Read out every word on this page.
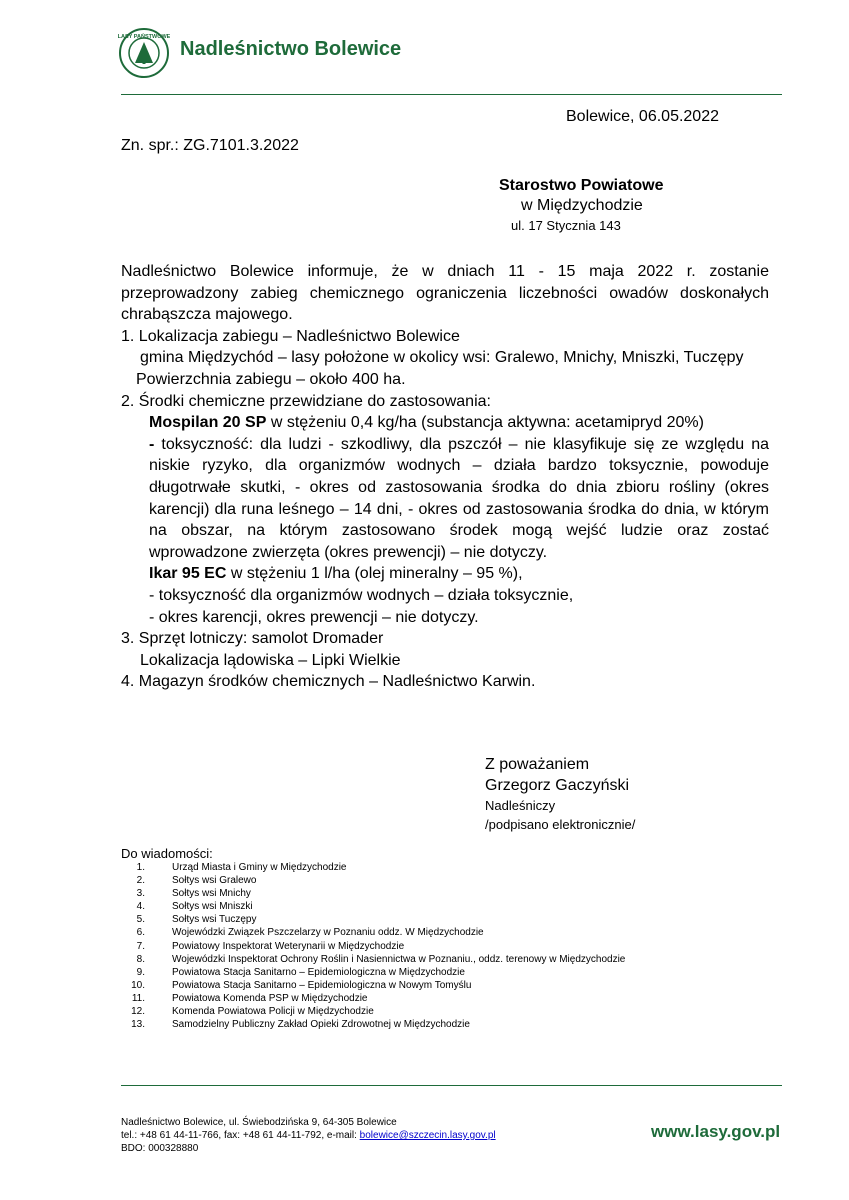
LASY PAŃSTWOWE
Nadleśnictwo Bolewice
Bolewice, 06.05.2022
Zn. spr.: ZG.7101.3.2022
Starostwo Powiatowe
w Międzychodzie
ul. 17 Stycznia 143

Nadleśnictwo Bolewice informuje, że w dniach 11 - 15 maja 2022 r. zostanie przeprowadzony zabieg chemicznego ograniczenia liczebności owadów doskonałych chrabąszcza majowego.

1. Lokalizacja zabiegu – Nadleśnictwo Bolewice

gmina Międzychód – lasy położone w okolicy wsi: Gralewo, Mnichy, Mniszki, Tuczępy

Powierzchnia zabiegu – około 400 ha.

2. Środki chemiczne przewidziane do zastosowania:

Mospilan 20 SP w stężeniu 0,4 kg/ha (substancja aktywna: acetamipryd 20%)

- toksyczność: dla ludzi - szkodliwy, dla pszczół – nie klasyfikuje się ze względu na niskie ryzyko, dla organizmów wodnych – działa bardzo toksycznie, powoduje długotrwałe skutki, - okres od zastosowania środka do dnia zbioru rośliny (okres karencji) dla runa leśnego – 14 dni, - okres od zastosowania środka do dnia, w którym na obszar, na którym zastosowano środek mogą wejść ludzie oraz zostać wprowadzone zwierzęta (okres prewencji) – nie dotyczy.

Ikar 95 EC w stężeniu 1 l/ha (olej mineralny – 95 %),

- toksyczność dla organizmów wodnych – działa toksycznie,

- okres karencji, okres prewencji – nie dotyczy.

3. Sprzęt lotniczy: samolot Dromader

Lokalizacja lądowiska – Lipki Wielkie

4. Magazyn środków chemicznych – Nadleśnictwo Karwin.

Z poważaniem
Grzegorz Gaczyński
Nadleśniczy
/podpisano elektronicznie/
Do wiadomości:
1.	Urząd Miasta i Gminy w Międzychodzie
2.	Sołtys wsi Gralewo
3.	Sołtys wsi Mnichy
4.	Sołtys wsi Mniszki
5.	Sołtys wsi Tuczępy
6.	Wojewódzki Związek Pszczelarzy w Poznaniu oddz. W Międzychodzie
7.	Powiatowy Inspektorat Weterynarii w Międzychodzie
8.	Wojewódzki Inspektorat Ochrony Roślin i Nasiennictwa w Poznaniu., oddz. terenowy w Międzychodzie
9.	Powiatowa Stacja Sanitarno – Epidemiologiczna w Międzychodzie
10.	Powiatowa Stacja Sanitarno – Epidemiologiczna w Nowym Tomyślu
11.	Powiatowa Komenda PSP w Międzychodzie
12.	Komenda Powiatowa Policji w Międzychodzie
13.	Samodzielny Publiczny Zakład Opieki Zdrowotnej w Międzychodzie
Nadleśnictwo Bolewice, ul. Świebodzińska 9, 64-305 Bolewice
tel.: +48 61 44-11-766, fax: +48 61 44-11-792, e-mail: bolewice@szczecin.lasy.gov.pl
BDO: 000328880
www.lasy.gov.pl
